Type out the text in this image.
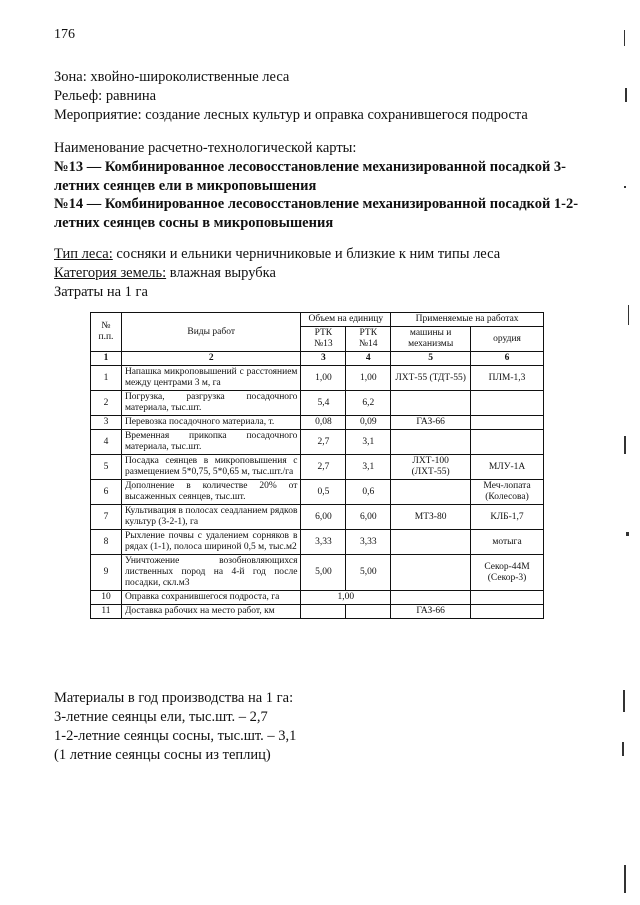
176
Зона: хвойно-широколиственные леса
Рельеф: равнина
Мероприятие: создание лесных культур и оправка сохранившегося подроста
Наименование расчетно-технологической карты:
№13 — Комбинированное лесовосстановление механизированной посадкой 3-летних сеянцев ели в микроповышения
№14 — Комбинированное лесовосстановление механизированной посадкой 1-2-летних сеянцев сосны в микроповышения
Тип леса: сосняки и ельники черничниковые и близкие к ним типы леса
Категория земель: влажная вырубка
Затраты на 1 га
№ п.п.	Виды работ	Объем на единицу		Применяемые на работах	
		РТК №13	РТК №14	машины и механизмы	орудия
1	2	3	4	5	6
1	Напашка микроповышений с расстоянием между центрами 3 м, га	1,00	1,00	ЛХТ-55 (ТДТ-55)	ПЛМ-1,3
2	Погрузка, разгрузка посадочного материала, тыс.шт.	5,4	6,2		
3	Перевозка посадочного материала, т.	0,08	0,09	ГАЗ-66	
4	Временная прикопка посадочного материала, тыс.шт.	2,7	3,1		
5	Посадка сеянцев в микроповышения с размещением 5*0,75, 5*0,65 м, тыс.шт./га	2,7	3,1	ЛХТ-100 (ЛХТ-55)	МЛУ-1А
6	Дополнение в количестве 20% от высаженных сеянцев, тыс.шт.	0,5	0,6		Меч-лопата (Колесова)
7	Культивация в полосах сеадланием рядков культур (3-2-1), га	6,00	6,00	МТЗ-80	КЛБ-1,7
8	Рыхление почвы с удалением сорняков в рядах (1-1), полоса шириной 0,5 м, тыс.м2	3,33	3,33		мотыга
9	Уничтожение возобновляющихся лиственных пород на 4-й год после посадки, скл.м3	5,00	5,00		Секор-44М (Секор-3)
10	Оправка сохранившегося подроста, га	1,00			
11	Доставка рабочих на место работ, км			ГАЗ-66	
Материалы в год производства на 1 га:
3-летние сеянцы ели, тыс.шт. – 2,7
1-2-летние сеянцы сосны, тыс.шт. – 3,1
(1 летние сеянцы сосны из теплиц)
